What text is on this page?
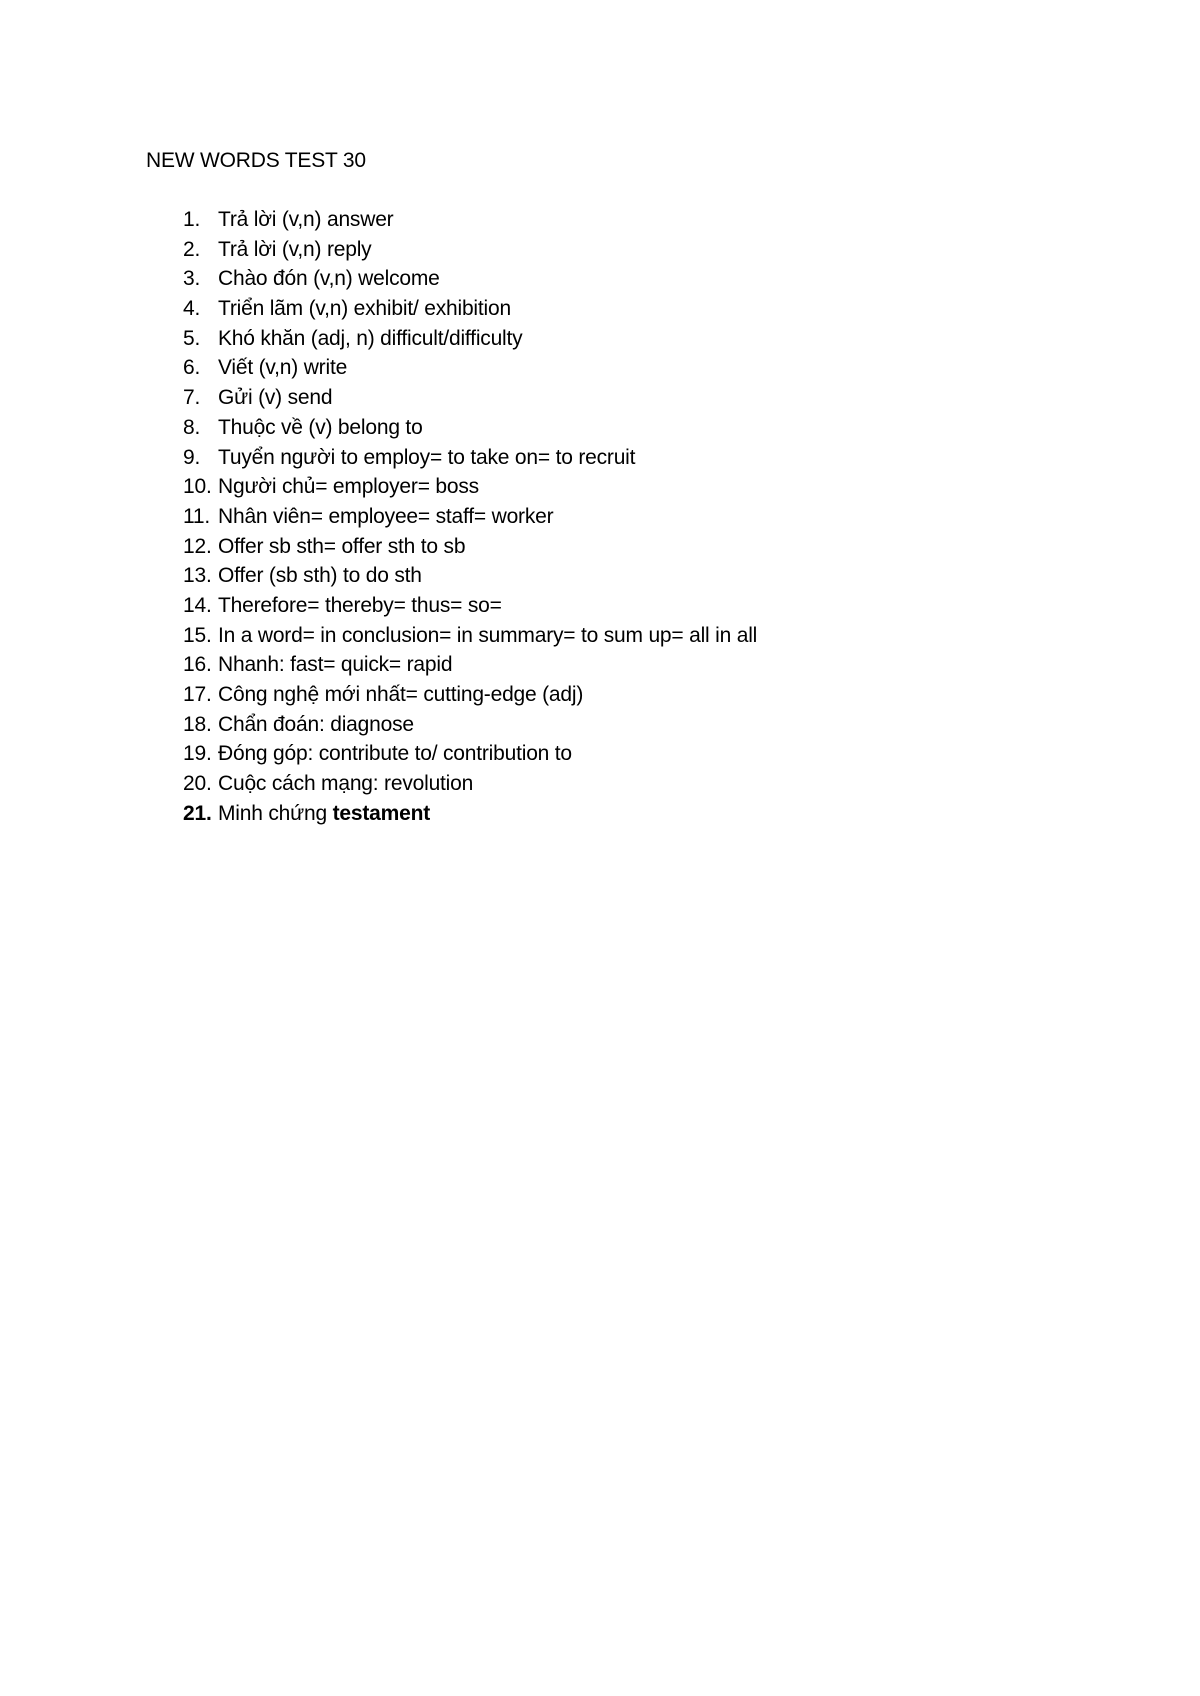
NEW WORDS TEST 30
1. Trả lời (v,n) answer
2. Trả lời (v,n) reply
3. Chào đón (v,n) welcome
4. Triển lãm (v,n) exhibit/ exhibition
5. Khó khăn (adj, n) difficult/difficulty
6. Viết (v,n) write
7. Gửi (v) send
8. Thuộc về (v) belong to
9. Tuyển người to employ= to take on= to recruit
10. Người chủ= employer= boss
11. Nhân viên= employee= staff= worker
12. Offer sb sth= offer sth to sb
13. Offer (sb sth) to do sth
14. Therefore= thereby= thus= so=
15. In a word= in conclusion= in summary= to sum up= all in all
16. Nhanh: fast= quick= rapid
17. Công nghệ mới nhất= cutting-edge (adj)
18. Chẩn đoán: diagnose
19. Đóng góp: contribute to/ contribution to
20. Cuộc cách mạng: revolution
21. Minh chứng testament
